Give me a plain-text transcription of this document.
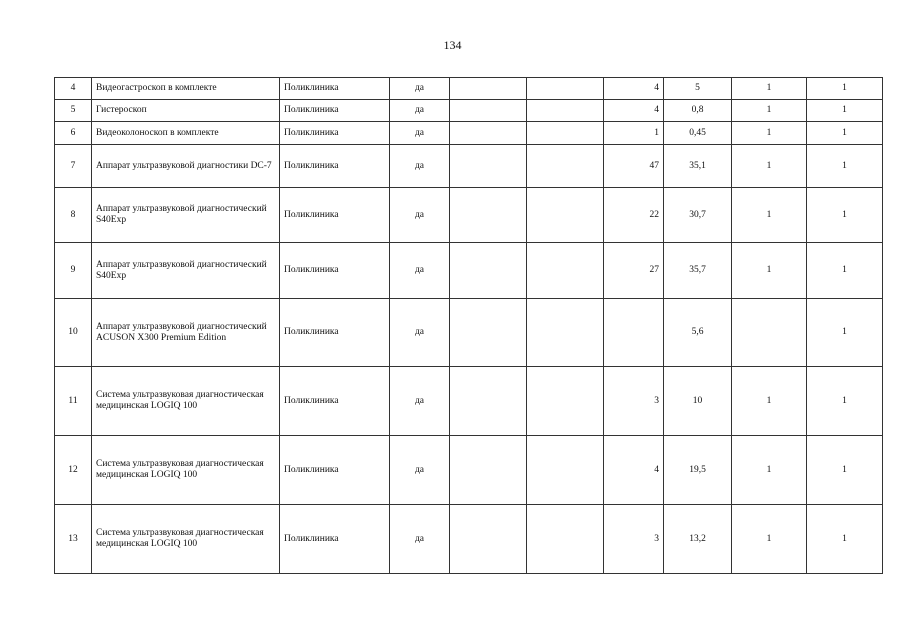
134
4	Видеогастроскоп в комплекте	Поликлиника	да			4	5	1	1
5	Гистероскоп	Поликлиника	да			4	0,8	1	1
6	Видеоколоноскоп в комплекте	Поликлиника	да			1	0,45	1	1
7	Аппарат ультразвуковой диагностики DC-7	Поликлиника	да			47	35,1	1	1
8	Аппарат ультразвуковой диагностический S40Exp	Поликлиника	да			22	30,7	1	1
9	Аппарат ультразвуковой диагностический S40Exp	Поликлиника	да			27	35,7	1	1
10	Аппарат ультразвуковой диагностический ACUSON X300 Premium Edition	Поликлиника	да				5,6		1
11	Система ультразвуковая диагностическая медицинская LOGIQ 100	Поликлиника	да			3	10	1	1
12	Система ультразвуковая диагностическая медицинская LOGIQ 100	Поликлиника	да			4	19,5	1	1
13	Система ультразвуковая диагностическая медицинская LOGIQ 100	Поликлиника	да			3	13,2	1	1
